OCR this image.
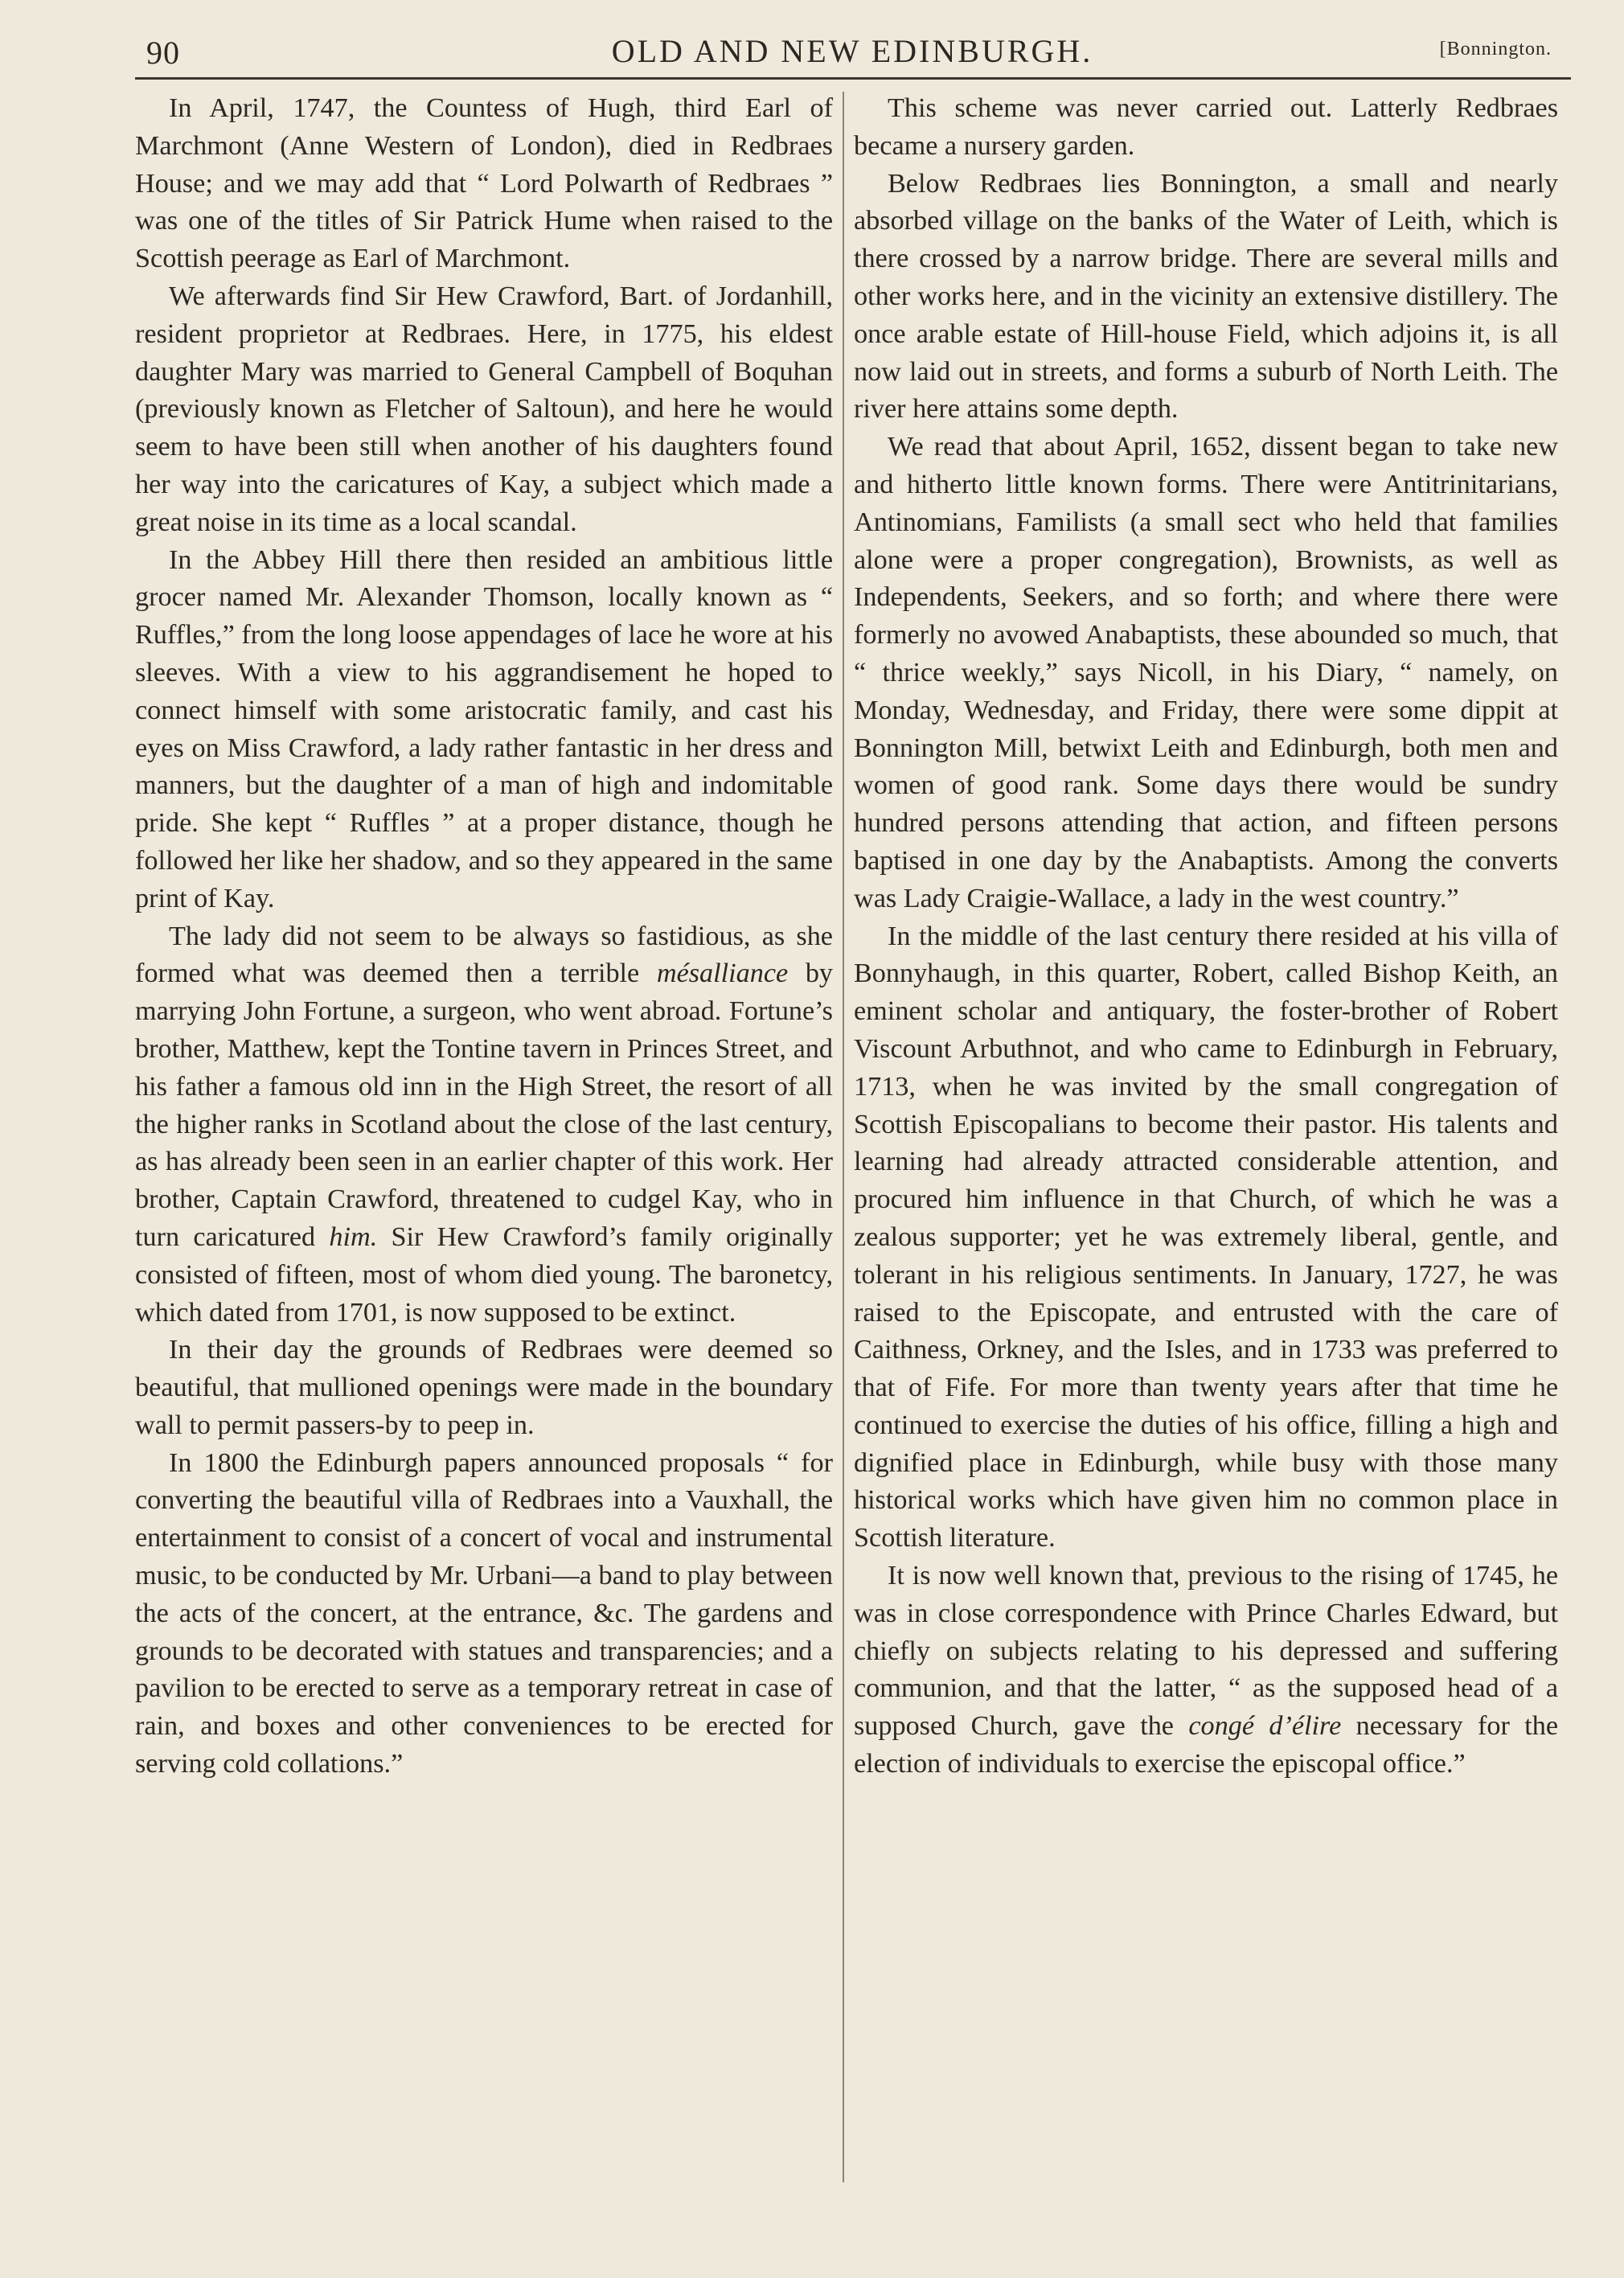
90	OLD AND NEW EDINBURGH.	[Bonnington.

In April, 1747, the Countess of Hugh, third Earl of Marchmont (Anne Western of London), died in Redbraes House; and we may add that “ Lord Polwarth of Redbraes ” was one of the titles of Sir Patrick Hume when raised to the Scottish peerage as Earl of Marchmont.

We afterwards find Sir Hew Crawford, Bart. of Jordanhill, resident proprietor at Redbraes. Here, in 1775, his eldest daughter Mary was married to General Campbell of Boquhan (previously known as Fletcher of Saltoun), and here he would seem to have been still when another of his daughters found her way into the caricatures of Kay, a subject which made a great noise in its time as a local scandal.

In the Abbey Hill there then resided an ambitious little grocer named Mr. Alexander Thomson, locally known as “ Ruffles,” from the long loose appendages of lace he wore at his sleeves. With a view to his aggrandisement he hoped to connect himself with some aristocratic family, and cast his eyes on Miss Crawford, a lady rather fantastic in her dress and manners, but the daughter of a man of high and indomitable pride. She kept “ Ruffles ” at a proper distance, though he followed her like her shadow, and so they appeared in the same print of Kay.

The lady did not seem to be always so fastidious, as she formed what was deemed then a terrible mésalliance by marrying John Fortune, a surgeon, who went abroad. Fortune’s brother, Matthew, kept the Tontine tavern in Princes Street, and his father a famous old inn in the High Street, the resort of all the higher ranks in Scotland about the close of the last century, as has already been seen in an earlier chapter of this work. Her brother, Captain Crawford, threatened to cudgel Kay, who in turn caricatured him. Sir Hew Crawford’s family originally consisted of fifteen, most of whom died young. The baronetcy, which dated from 1701, is now supposed to be extinct.

In their day the grounds of Redbraes were deemed so beautiful, that mullioned openings were made in the boundary wall to permit passers-by to peep in.

In 1800 the Edinburgh papers announced proposals “ for converting the beautiful villa of Redbraes into a Vauxhall, the entertainment to consist of a concert of vocal and instrumental music, to be conducted by Mr. Urbani—a band to play between the acts of the concert, at the entrance, &c. The gardens and grounds to be decorated with statues and transparencies; and a pavilion to be erected to serve as a temporary retreat in case of rain, and boxes and other conveniences to be erected for serving cold collations.”

This scheme was never carried out. Latterly Redbraes became a nursery garden.

Below Redbraes lies Bonnington, a small and nearly absorbed village on the banks of the Water of Leith, which is there crossed by a narrow bridge. There are several mills and other works here, and in the vicinity an extensive distillery. The once arable estate of Hill-house Field, which adjoins it, is all now laid out in streets, and forms a suburb of North Leith. The river here attains some depth.

We read that about April, 1652, dissent began to take new and hitherto little known forms. There were Antitrinitarians, Antinomians, Familists (a small sect who held that families alone were a proper congregation), Brownists, as well as Independents, Seekers, and so forth; and where there were formerly no avowed Anabaptists, these abounded so much, that “ thrice weekly,” says Nicoll, in his Diary, “ namely, on Monday, Wednesday, and Friday, there were some dippit at Bonnington Mill, betwixt Leith and Edinburgh, both men and women of good rank. Some days there would be sundry hundred persons attending that action, and fifteen persons baptised in one day by the Anabaptists. Among the converts was Lady Craigie-Wallace, a lady in the west country.”

In the middle of the last century there resided at his villa of Bonnyhaugh, in this quarter, Robert, called Bishop Keith, an eminent scholar and antiquary, the foster-brother of Robert Viscount Arbuthnot, and who came to Edinburgh in February, 1713, when he was invited by the small congregation of Scottish Episcopalians to become their pastor. His talents and learning had already attracted considerable attention, and procured him influence in that Church, of which he was a zealous supporter; yet he was extremely liberal, gentle, and tolerant in his religious sentiments. In January, 1727, he was raised to the Episcopate, and entrusted with the care of Caithness, Orkney, and the Isles, and in 1733 was preferred to that of Fife. For more than twenty years after that time he continued to exercise the duties of his office, filling a high and dignified place in Edinburgh, while busy with those many historical works which have given him no common place in Scottish literature.

It is now well known that, previous to the rising of 1745, he was in close correspondence with Prince Charles Edward, but chiefly on subjects relating to his depressed and suffering communion, and that the latter, “ as the supposed head of a supposed Church, gave the congé d’élire necessary for the election of individuals to exercise the episcopal office.”
